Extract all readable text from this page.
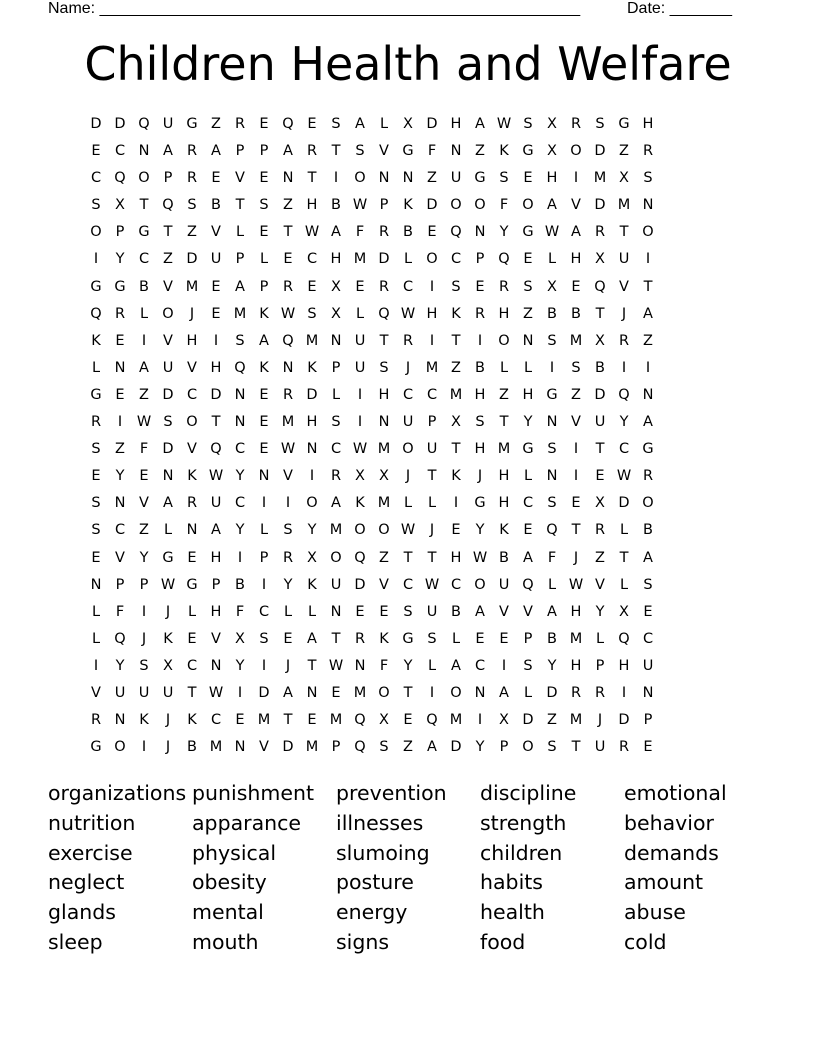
Name: ______________________________________________________	Date: _______
Children Health and Welfare
D D Q U G Z R E Q E	S A	L	X D H A W S X R S G H
E C N A R A	P	P	A R	T	S V G F N Z K G X O D Z R
C Q O P	R E V E N T	I	O N N Z U G S	E H	I	M X S
S X	T Q S B	T	S Z H B W P	K D O O F O A V D M N
O P G T	Z V	L	E	T W A	F	R B E Q N Y G W A R	T O
I	Y	C Z D U P	L	E C H M D L O C	P Q E	L	H X U	I
G G B V M E A	P	R E X E R C	I	S	E R S X E Q V	T
Q R	L O	J	E M K W S X	L Q W H K R H Z B B	T	J	A
K	E	I	V H	I	S A Q M N U T	R	I	T	I	O N S M X R Z
L	N A U V H Q K N K	P U S	J	M Z B	L	L	I	S B	I	I
G E Z D C D N E R D L	I	H C C M H Z H G Z D Q N
R	I	W S O T N E M H S	I	N U P	X S	T	Y N V U Y	A
S Z	F D V Q C E W N C W M O U T H M G S	I	T	C G
E	Y	E N K W Y N V	I	R X X	J	T	K	J	H	L	N	I	E W R
S N V A R U C	I	I	O A K M L	L	I	G H C S	E X D O
S C Z	L	N A	Y	L	S	Y M O O W	J	E	Y	K	E Q T	R	L	B
E V	Y G E H	I	P	R X O Q Z	T	T H W B A	F	J	Z	T	A
N P	P W G P	B	I	Y	K U D V C W C O U Q L W V	L	S
L	F	I	J	L	H F	C	L	L	N E	E	S U B A V V A H Y	X E
L Q	J	K	E V X S	E A	T	R K G S	L	E	E	P	B M L Q C
I	Y	S X C N Y	I	J	T W N F	Y	L	A C	I	S	Y H P H U
V U U U T W	I	D A N E M O T	I	O N A	L D R R	I	N
R N K	J	K C E M T	E M Q X E Q M	I	X D Z M	J	D P
G O	I	J	B M N V D M P Q S Z A D Y	P O S	T U R E
organizations punishment	prevention	discipline	emotional
nutrition	apparance	illnesses	strength	behavior
exercise	physical	slumoing	children	demands
neglect	obesity	posture	habits	amount
glands	mental	energy	health	abuse
sleep	mouth	signs	food	cold
